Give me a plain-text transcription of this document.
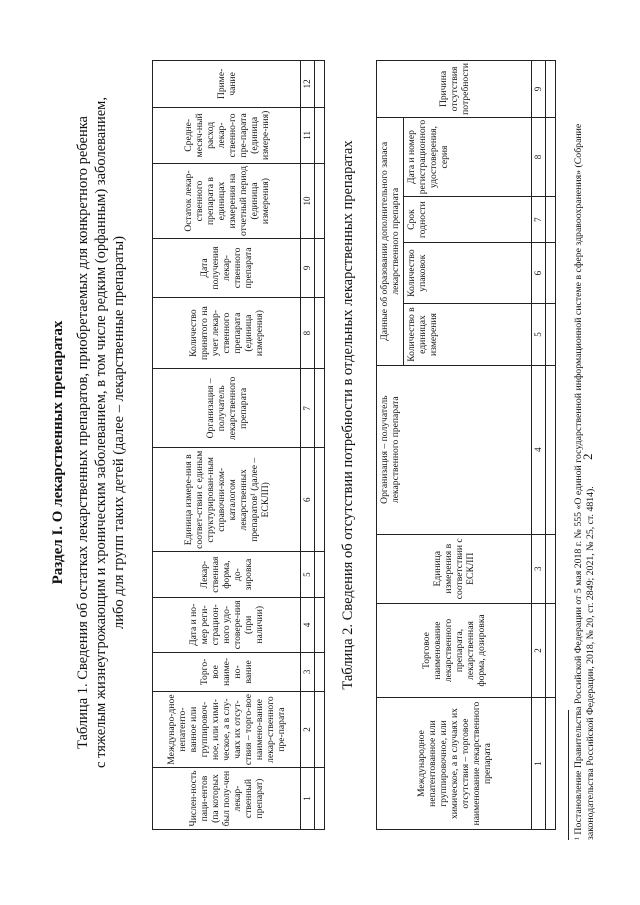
2
Раздел I. О лекарственных препаратах Таблица 1. Сведения об остатках лекарственных препаратов, приобретаемых для конкретного ребенка с тяжелым жизнеугрожающим и хроническим заболеванием, в том числе редким (орфанным) заболеванием, либо для групп таких детей (далее – лекарственные препараты)
Числен-ность паци-ентов (па которых был полу-чен лекар-ственный препарат)	Междунаро-дное непатенто-ванное или группировоч-ное, или хими-ческое, а в слу-чаях их отсут-ствия – торго-вое наимено-вание лекар-ственного пре-парата	Торго-вое наиме-но-вание	Дата и но-мер реги-страцион-ного удо-стовере-ния (при наличии)	Лекар-ственная форма, до-зировка	Единица измере-ния в соответ-ствии с единым структурирован-ным справочни-ком-каталогом лекарственных препаратов¹ (далее – ЕСКЛП)	Организация – получатель лекарственного препарата	Количество принятого на учет лекар-ственного препарата (единица измерения)	Дата получения лекар-ственного препарата	Остаток лекар-ственного препарата в единицах измерения на отчетный период (единица измерения)	Средне-месяч-ный расход лекар-ственно-го пре-парата (единица измере-ния)	Приме-чание
1	2	3	4	5	6	7	8	9	10	11	12

Таблица 2. Сведения об отсутствии потребности в отдельных лекарственных препаратах
Международное непатентованное или группировочное, или химическое, а в случаях их отсутствия – торговое наименование лекарственного препарата	Торговое наименование лекарственного препарата, лекарственная форма, дозировка	Единица измерения в соответствии с ЕСКЛП	Организация – получатель лекарственного препарата	Данные об образовании дополнительного запаса лекарственного препарата				Причина отсутствия потребности
				Количество в единицах измерения	Количество упаковок	Срок годности	Дата и номер регистрационного удостоверения, серия	
1	2	3	4	5	6	7	8	9

¹ Постановление Правительства Российской Федерации от 5 мая 2018 г. № 555 «О единой государственной информационной системе в сфере здравоохранения» (Собрание законодательства Российской Федерации, 2018, № 20, ст. 2849; 2021, № 25, ст. 4814).
